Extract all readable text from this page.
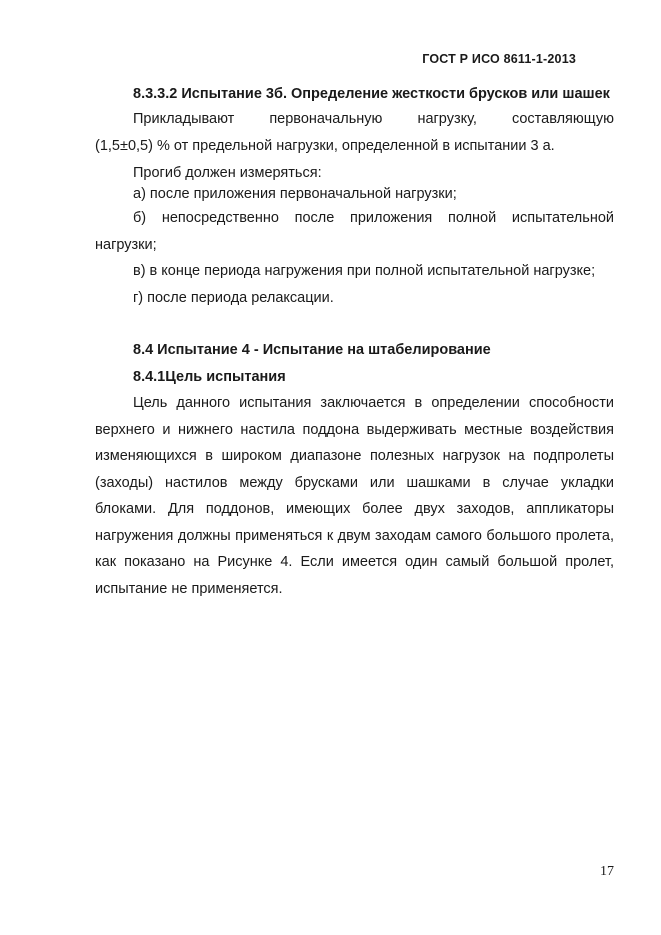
ГОСТ Р ИСО 8611-1-2013

8.3.3.2 Испытание 3б. Определение жесткости брусков или шашек

Прикладывают первоначальную нагрузку, составляющую

(1,5±0,5) % от предельной нагрузки, определенной в испытании 3 а.

Прогиб должен измеряться:

а) после приложения первоначальной нагрузки;

б) непосредственно после приложения полной испытательной нагрузки;

в) в конце периода нагружения при полной испытательной нагрузке;

г) после периода релаксации.

8.4 Испытание 4 - Испытание на штабелирование

8.4.1Цель испытания

Цель данного испытания заключается в определении способности верхнего и нижнего настила поддона выдерживать местные воздействия изменяющихся в широком диапазоне полезных нагрузок на подпролеты (заходы) настилов между брусками или шашками в случае укладки блоками. Для поддонов, имеющих более двух заходов, аппликаторы нагружения должны применяться к двум заходам самого большого пролета, как показано на Рисунке 4. Если имеется один самый большой пролет, испытание не применяется.

17
